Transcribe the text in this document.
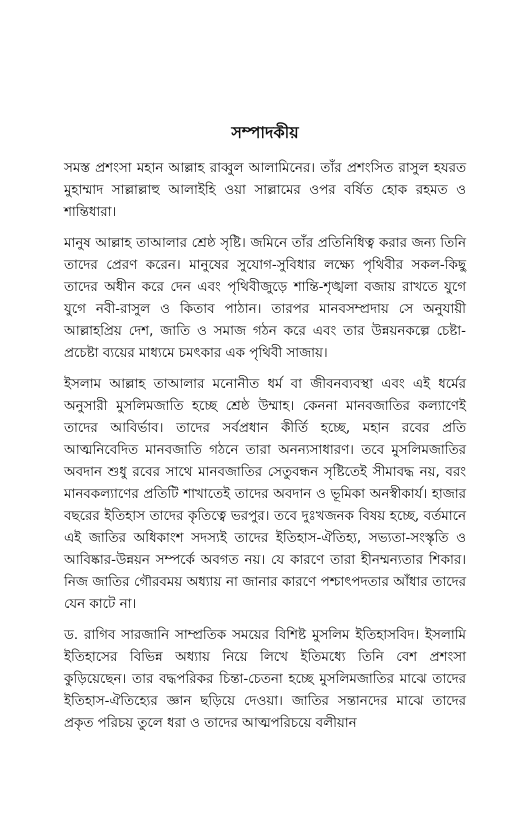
সম্পাদকীয়

সমস্ত প্রশংসা মহান আল্লাহ রাব্বুল আলামিনের। তাঁর প্রশংসিত রাসুল হযরত মুহাম্মাদ সাল্লাল্লাহু আলাইহি ওয়া সাল্লামের ওপর বর্ষিত হোক রহমত ও শান্তিধারা।

মানুষ আল্লাহ তাআলার শ্রেষ্ঠ সৃষ্টি। জমিনে তাঁর প্রতিনিধিত্ব করার জন্য তিনি তাদের প্রেরণ করেন। মানুষের সুযোগ-সুবিধার লক্ষ্যে পৃথিবীর সকল-কিছু তাদের অধীন করে দেন এবং পৃথিবীজুড়ে শান্তি-শৃঙ্খলা বজায় রাখতে যুগে যুগে নবী-রাসুল ও কিতাব পাঠান। তারপর মানবসম্প্রদায় সে অনুযায়ী আল্লাহপ্রিয় দেশ, জাতি ও সমাজ গঠন করে এবং তার উন্নয়নকল্পে চেষ্টা-প্রচেষ্টা ব্যয়ের মাধ্যমে চমৎকার এক পৃথিবী সাজায়।

ইসলাম আল্লাহ তাআলার মনোনীত ধর্ম বা জীবনব্যবস্থা এবং এই ধর্মের অনুসারী মুসলিমজাতি হচ্ছে শ্রেষ্ঠ উম্মাহ। কেননা মানবজাতির কল্যাণেই তাদের আবির্ভাব। তাদের সর্বপ্রধান কীর্তি হচ্ছে, মহান রবের প্রতি আত্মনিবেদিত মানবজাতি গঠনে তারা অনন্যসাধারণ। তবে মুসলিমজাতির অবদান শুধু রবের সাথে মানবজাতির সেতুবন্ধন সৃষ্টিতেই সীমাবদ্ধ নয়, বরং মানবকল্যাণের প্রতিটি শাখাতেই তাদের অবদান ও ভূমিকা অনস্বীকার্য। হাজার বছরের ইতিহাস তাদের কৃতিত্বে ভরপুর। তবে দুঃখজনক বিষয় হচ্ছে, বর্তমানে এই জাতির অধিকাংশ সদস্যই তাদের ইতিহাস-ঐতিহ্য, সভ্যতা-সংস্কৃতি ও আবিষ্কার-উন্নয়ন সম্পর্কে অবগত নয়। যে কারণে তারা হীনম্মন্যতার শিকার। নিজ জাতির গৌরবময় অধ্যায় না জানার কারণে পশ্চাৎপদতার আঁধার তাদের যেন কাটে না।

ড. রাগিব সারজানি সাম্প্রতিক সময়ের বিশিষ্ট মুসলিম ইতিহাসবিদ। ইসলামি ইতিহাসের বিভিন্ন অধ্যায় নিয়ে লিখে ইতিমধ্যে তিনি বেশ প্রশংসা কুড়িয়েছেন। তার বদ্ধপরিকর চিন্তা-চেতনা হচ্ছে মুসলিমজাতির মাঝে তাদের ইতিহাস-ঐতিহ্যের জ্ঞান ছড়িয়ে দেওয়া। জাতির সন্তানদের মাঝে তাদের প্রকৃত পরিচয় তুলে ধরা ও তাদের আত্মপরিচয়ে বলীয়ান
